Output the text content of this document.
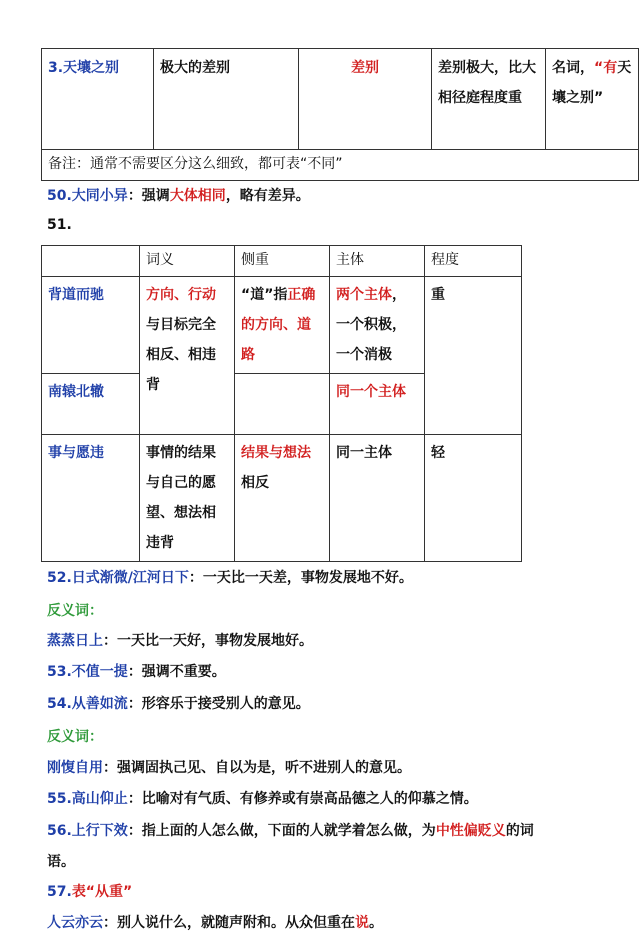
3.天壤之别	极大的差别	差别	差别极大，比大相径庭程度重	名词，“有天壤之别”
备注：通常不需要区分这么细致，都可表“不同”
50.大同小异：强调大体相同，略有差异。
51.
	词义	侧重	主体	程度
背道而驰	方向、行动与目标完全相反、相违背	“道”指正确的方向、道路	两个主体，一个积极，一个消极	重
南辕北辙			同一个主体	
事与愿违	事情的结果与自己的愿望、想法相违背	结果与想法相反	同一主体	轻
52.日式渐微/江河日下：一天比一天差，事物发展地不好。
反义词：
蒸蒸日上：一天比一天好，事物发展地好。
53.不值一提：强调不重要。
54.从善如流：形容乐于接受别人的意见。
反义词：
刚愎自用：强调固执己见、自以为是，听不进别人的意见。
55.高山仰止：比喻对有气质、有修养或有崇高品德之人的仰慕之情。
56.上行下效：指上面的人怎么做，下面的人就学着怎么做，为中性偏贬义的词
语。
57.表“从重”
人云亦云：别人说什么，就随声附和。从众但重在说。
